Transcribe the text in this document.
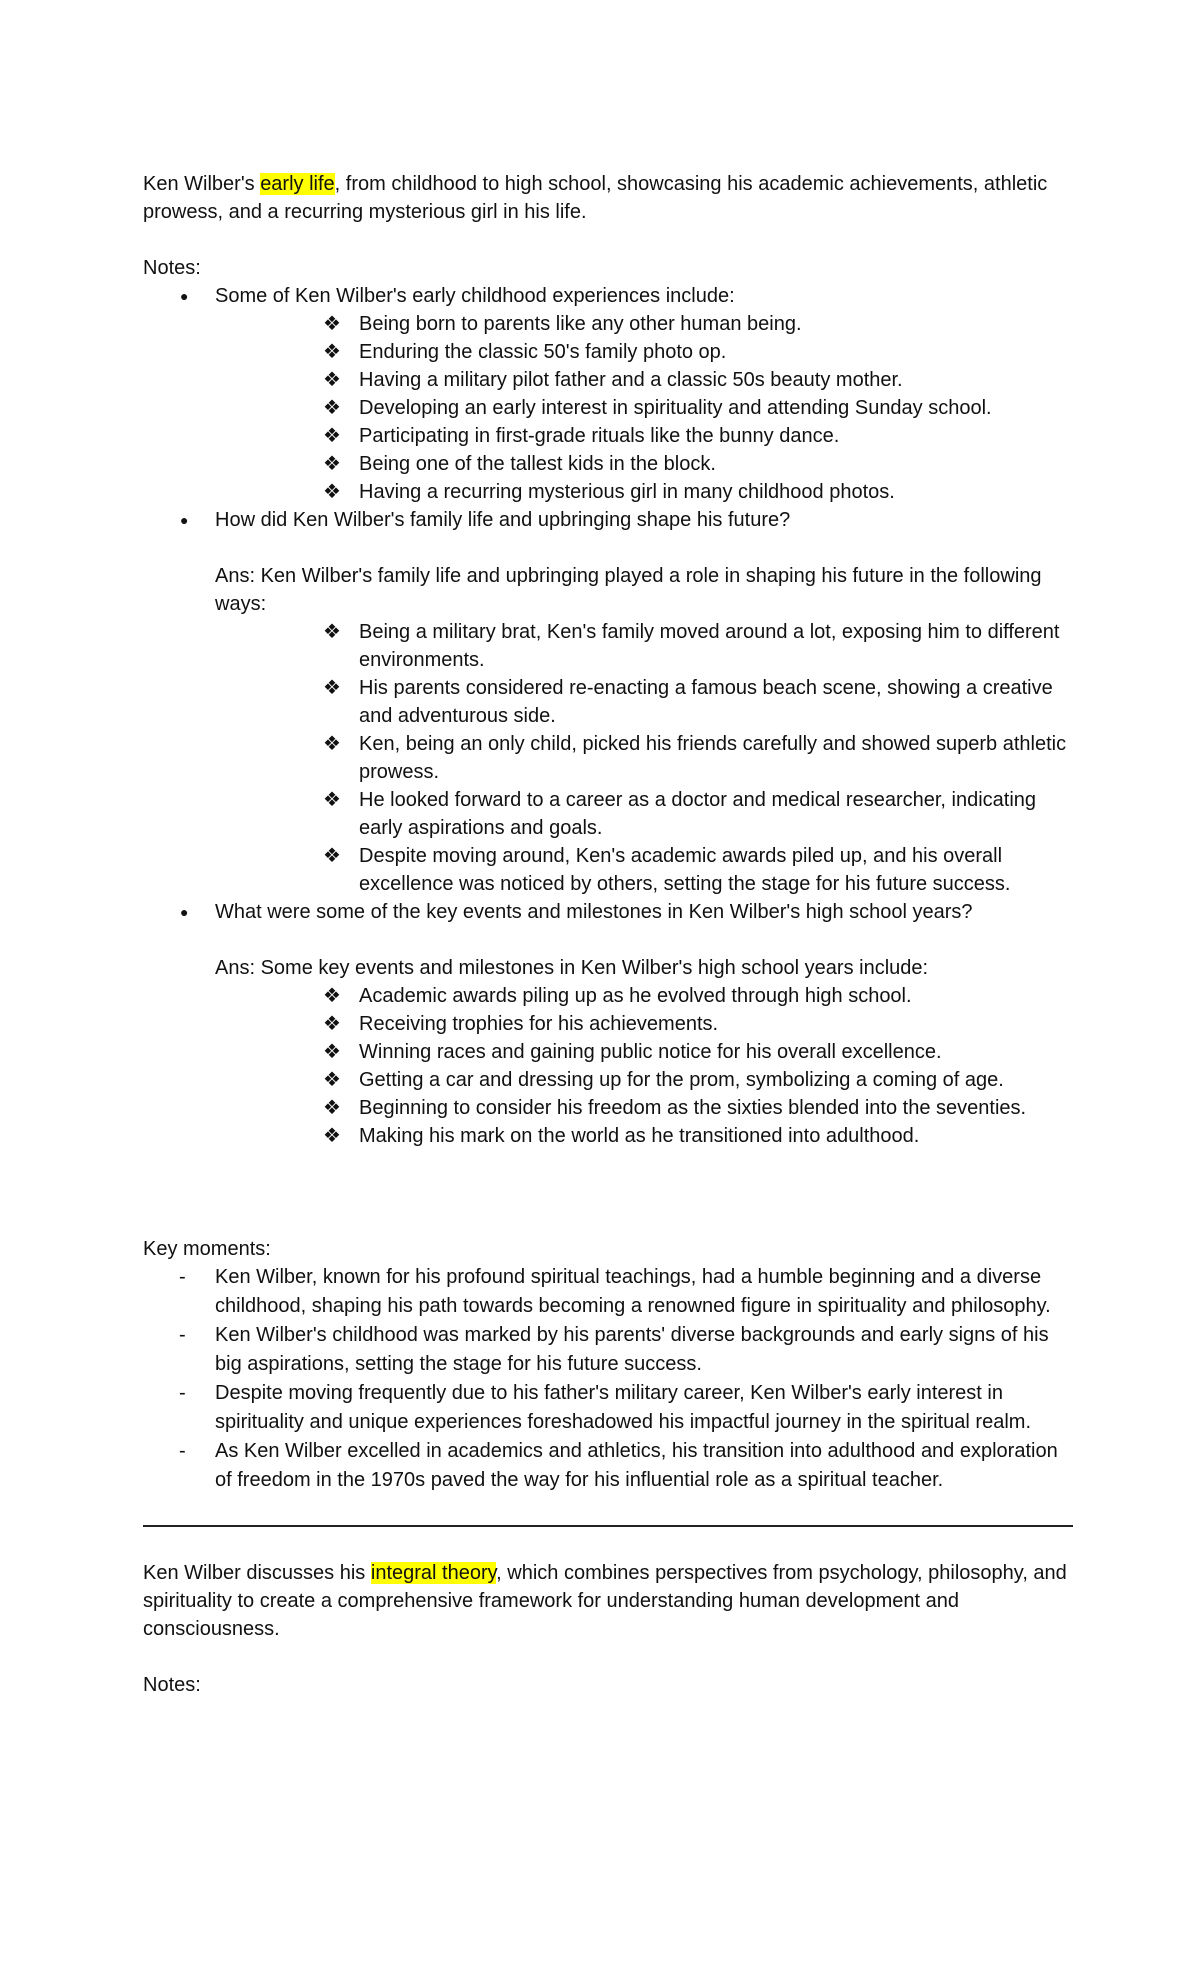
Ken Wilber's early life, from childhood to high school, showcasing his academic achievements, athletic prowess, and a recurring mysterious girl in his life.

Notes:

● Some of Ken Wilber's early childhood experiences include:
❖ Being born to parents like any other human being.
❖ Enduring the classic 50's family photo op.
❖ Having a military pilot father and a classic 50s beauty mother.
❖ Developing an early interest in spirituality and attending Sunday school.
❖ Participating in first-grade rituals like the bunny dance.
❖ Being one of the tallest kids in the block.
❖ Having a recurring mysterious girl in many childhood photos.
● How did Ken Wilber's family life and upbringing shape his future?

Ans: Ken Wilber's family life and upbringing played a role in shaping his future in the following ways:

❖ Being a military brat, Ken's family moved around a lot, exposing him to different environments.
❖ His parents considered re-enacting a famous beach scene, showing a creative and adventurous side.
❖ Ken, being an only child, picked his friends carefully and showed superb athletic prowess.
❖ He looked forward to a career as a doctor and medical researcher, indicating early aspirations and goals.
❖ Despite moving around, Ken's academic awards piled up, and his overall excellence was noticed by others, setting the stage for his future success.
● What were some of the key events and milestones in Ken Wilber's high school years?

Ans: Some key events and milestones in Ken Wilber's high school years include:

❖ Academic awards piling up as he evolved through high school.
❖ Receiving trophies for his achievements.
❖ Winning races and gaining public notice for his overall excellence.
❖ Getting a car and dressing up for the prom, symbolizing a coming of age.
❖ Beginning to consider his freedom as the sixties blended into the seventies.
❖ Making his mark on the world as he transitioned into adulthood.

Key moments:

- Ken Wilber, known for his profound spiritual teachings, had a humble beginning and a diverse childhood, shaping his path towards becoming a renowned figure in spirituality and philosophy.
- Ken Wilber's childhood was marked by his parents' diverse backgrounds and early signs of his big aspirations, setting the stage for his future success.
- Despite moving frequently due to his father's military career, Ken Wilber's early interest in spirituality and unique experiences foreshadowed his impactful journey in the spiritual realm.
- As Ken Wilber excelled in academics and athletics, his transition into adulthood and exploration of freedom in the 1970s paved the way for his influential role as a spiritual teacher.

Ken Wilber discusses his integral theory, which combines perspectives from psychology, philosophy, and spirituality to create a comprehensive framework for understanding human development and consciousness.

Notes:
